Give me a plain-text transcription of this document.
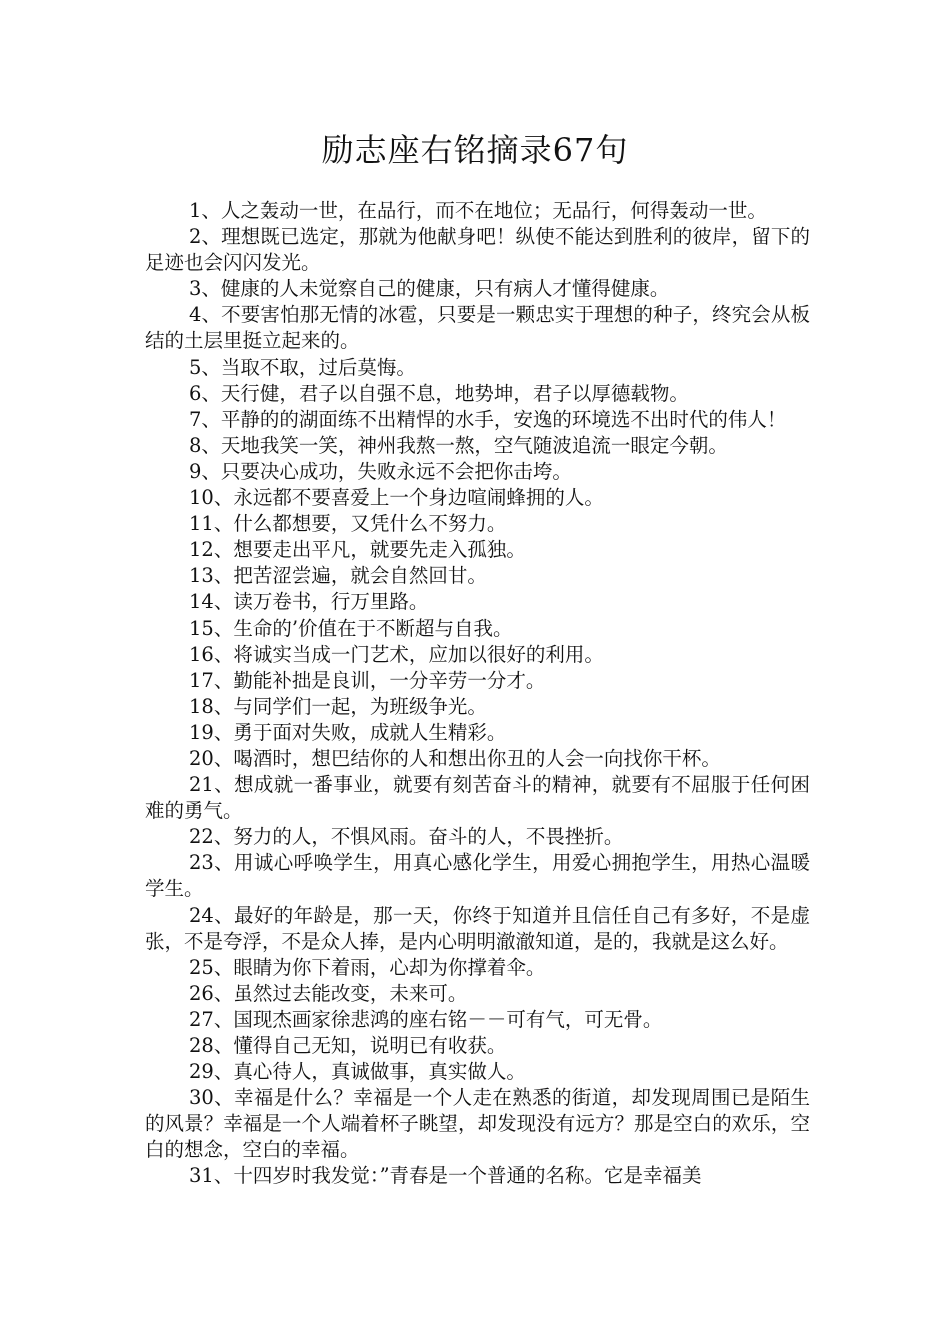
励志座右铭摘录67句

1、人之轰动一世，在品行，而不在地位；无品行，何得轰动一世。

2、理想既已选定，那就为他献身吧！纵使不能达到胜利的彼岸，留下的足迹也会闪闪发光。

3、健康的人未觉察自己的健康，只有病人才懂得健康。

4、不要害怕那无情的冰雹，只要是一颗忠实于理想的种子，终究会从板结的土层里挺立起来的。

5、当取不取，过后莫悔。

6、天行健，君子以自强不息，地势坤，君子以厚德载物。

7、平静的的湖面练不出精悍的水手，安逸的环境选不出时代的伟人！

8、天地我笑一笑，神州我熬一熬，空气随波追流一眼定今朝。

9、只要决心成功，失败永远不会把你击垮。

10、永远都不要喜爱上一个身边喧闹蜂拥的人。

11、什么都想要，又凭什么不努力。

12、想要走出平凡，就要先走入孤独。

13、把苦涩尝遍，就会自然回甘。

14、读万卷书，行万里路。

15、生命的’价值在于不断超与自我。

16、将诚实当成一门艺术，应加以很好的利用。

17、勤能补拙是良训，一分辛劳一分才。

18、与同学们一起，为班级争光。

19、勇于面对失败，成就人生精彩。

20、喝酒时，想巴结你的人和想出你丑的人会一向找你干杯。

21、想成就一番事业，就要有刻苦奋斗的精神，就要有不屈服于任何困难的勇气。

22、努力的人，不惧风雨。奋斗的人，不畏挫折。

23、用诚心呼唤学生，用真心感化学生，用爱心拥抱学生，用热心温暖学生。

24、最好的年龄是，那一天，你终于知道并且信任自己有多好，不是虚张，不是夸浮，不是众人捧，是内心明明澈澈知道，是的，我就是这么好。

25、眼睛为你下着雨，心却为你撑着伞。

26、虽然过去能改变，未来可。

27、国现杰画家徐悲鸿的座右铭－－可有气，可无骨。

28、懂得自己无知，说明已有收获。

29、真心待人，真诚做事，真实做人。

30、幸福是什么？幸福是一个人走在熟悉的街道，却发现周围已是陌生的风景？幸福是一个人端着杯子眺望，却发现没有远方？那是空白的欢乐，空白的想念，空白的幸福。

31、十四岁时我发觉：”青春是一个普通的名称。它是幸福美
